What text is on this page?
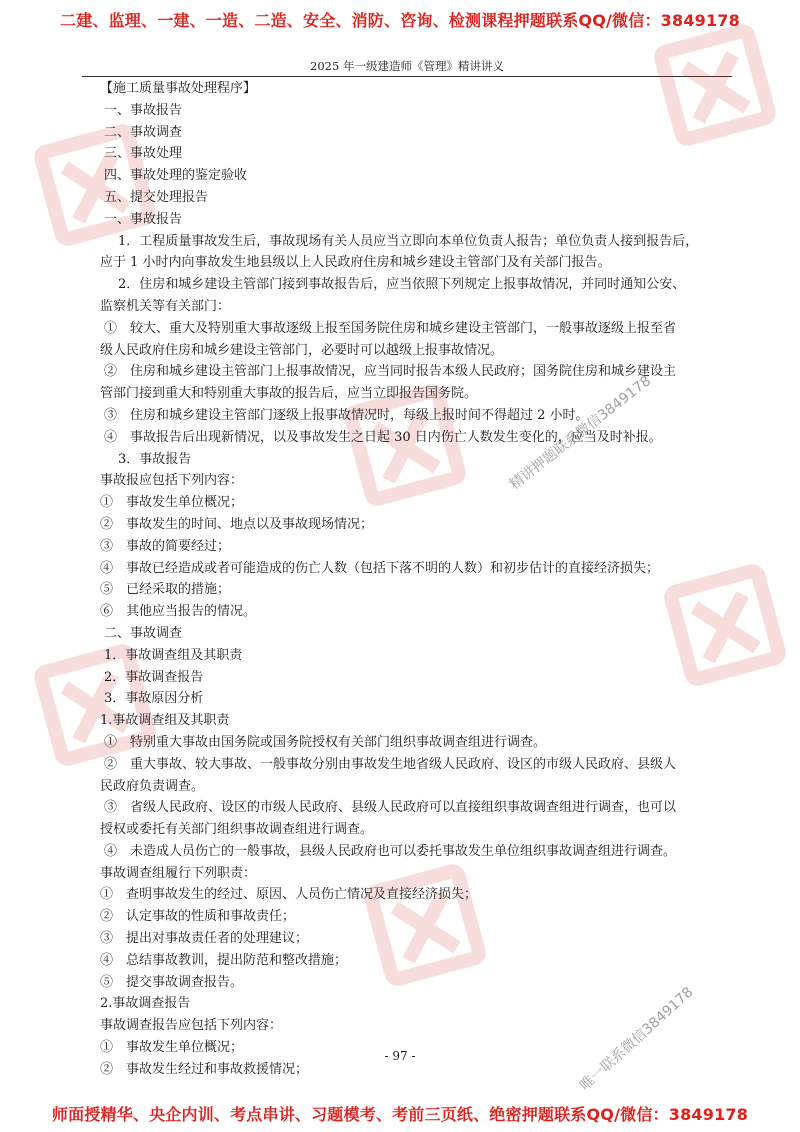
二建、监理、一建、一造、二造、安全、消防、咨询、检测课程押题联系QQ/微信：3849178
2025 年一级建造师《管理》精讲讲义
【施工质量事故处理程序】
一、事故报告
二、事故调查
三、事故处理
四、事故处理的鉴定验收
五、提交处理报告
一、事故报告
1．工程质量事故发生后，事故现场有关人员应当立即向本单位负责人报告；单位负责人接到报告后，
应于 1 小时内向事故发生地县级以上人民政府住房和城乡建设主管部门及有关部门报告。
2．住房和城乡建设主管部门接到事故报告后，应当依照下列规定上报事故情况，并同时通知公安、
监察机关等有关部门：
①　较大、重大及特别重大事故逐级上报至国务院住房和城乡建设主管部门，一般事故逐级上报至省
级人民政府住房和城乡建设主管部门，必要时可以越级上报事故情况。
②　住房和城乡建设主管部门上报事故情况，应当同时报告本级人民政府；国务院住房和城乡建设主
管部门接到重大和特别重大事故的报告后，应当立即报告国务院。
③　住房和城乡建设主管部门逐级上报事故情况时，每级上报时间不得超过 2 小时。
④　事故报告后出现新情况，以及事故发生之日起 30 日内伤亡人数发生变化的，应当及时补报。
3．事故报告
事故报应包括下列内容：
①　事故发生单位概况；
②　事故发生的时间、地点以及事故现场情况；
③　事故的简要经过；
④　事故已经造成或者可能造成的伤亡人数（包括下落不明的人数）和初步估计的直接经济损失；
⑤　已经采取的措施；
⑥　其他应当报告的情况。
二、事故调查
1．事故调查组及其职责
2．事故调查报告
3．事故原因分析
1.事故调查组及其职责
①　特别重大事故由国务院或国务院授权有关部门组织事故调查组进行调查。
②　重大事故、较大事故、一般事故分别由事故发生地省级人民政府、设区的市级人民政府、县级人
民政府负责调查。
③　省级人民政府、设区的市级人民政府、县级人民政府可以直接组织事故调查组进行调查，也可以
授权或委托有关部门组织事故调查组进行调查。
④　未造成人员伤亡的一般事故，县级人民政府也可以委托事故发生单位组织事故调查组进行调查。
事故调查组履行下列职责：
①　查明事故发生的经过、原因、人员伤亡情况及直接经济损失；
②　认定事故的性质和事故责任；
③　提出对事故责任者的处理建议；
④　总结事故教训，提出防范和整改措施；
⑤　提交事故调查报告。
2.事故调查报告
事故调查报告应包括下列内容：
①　事故发生单位概况；
②　事故发生经过和事故救援情况；
- 97 -
精讲押题联系微信3849178
唯一联系微信3849178
师面授精华、央企内训、考点串讲、习题模考、考前三页纸、绝密押题联系QQ/微信：3849178
